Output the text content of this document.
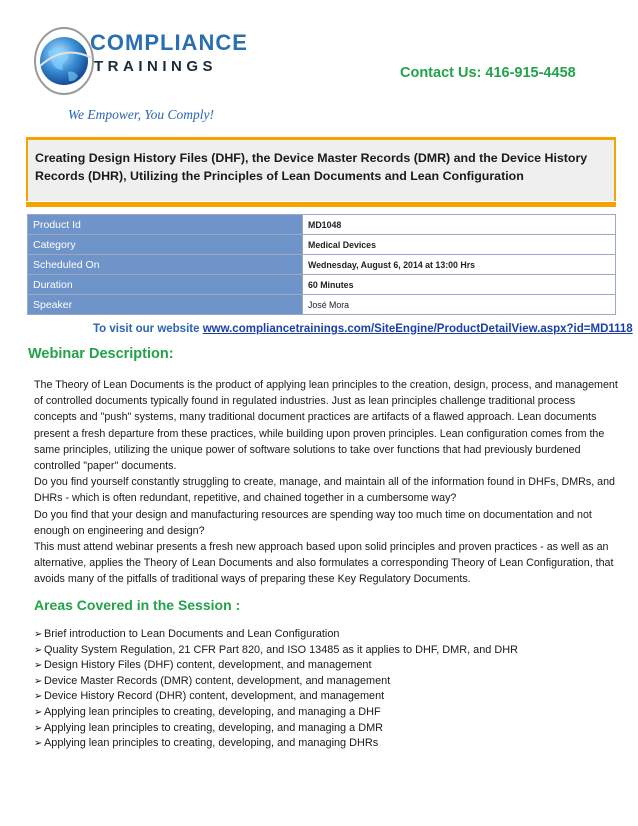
COMPLIANCE
TRAININGS	Contact Us: 416-915-4458
We Empower, You Comply!
Creating Design History Files (DHF), the Device Master Records (DMR) and the Device History Records (DHR), Utilizing the Principles of Lean Documents and Lean Configuration
Product Id	MD1048
Category	Medical Devices
Scheduled On	Wednesday, August 6, 2014 at 13:00 Hrs
Duration	60 Minutes
Speaker	José Mora
To visit our website www.compliancetrainings.com/SiteEngine/ProductDetailView.aspx?id=MD1118
Webinar Description:

The Theory of Lean Documents is the product of applying lean principles to the creation, design, process, and management of controlled documents typically found in regulated industries. Just as lean principles challenge traditional process concepts and "push" systems, many traditional document practices are artifacts of a flawed approach. Lean documents present a fresh departure from these practices, while building upon proven principles. Lean configuration comes from the same principles, utilizing the unique power of software solutions to take over functions that had previously burdened controlled "paper" documents.

Do you find yourself constantly struggling to create, manage, and maintain all of the information found in DHFs, DMRs, and DHRs - which is often redundant, repetitive, and chained together in a cumbersome way?

Do you find that your design and manufacturing resources are spending way too much time on documentation and not enough on engineering and design?

This must attend webinar presents a fresh new approach based upon solid principles and proven practices - as well as an alternative, applies the Theory of Lean Documents and also formulates a corresponding Theory of Lean Configuration, that avoids many of the pitfalls of traditional ways of preparing these Key Regulatory Documents.

Areas Covered in the Session :
➢ Brief introduction to Lean Documents and Lean Configuration
➢ Quality System Regulation, 21 CFR Part 820, and ISO 13485 as it applies to DHF, DMR, and DHR
➢ Design History Files (DHF) content, development, and management
➢ Device Master Records (DMR) content, development, and management
➢ Device History Record (DHR) content, development, and management
➢ Applying lean principles to creating, developing, and managing a DHF
➢ Applying lean principles to creating, developing, and managing a DMR
➢ Applying lean principles to creating, developing, and managing DHRs
